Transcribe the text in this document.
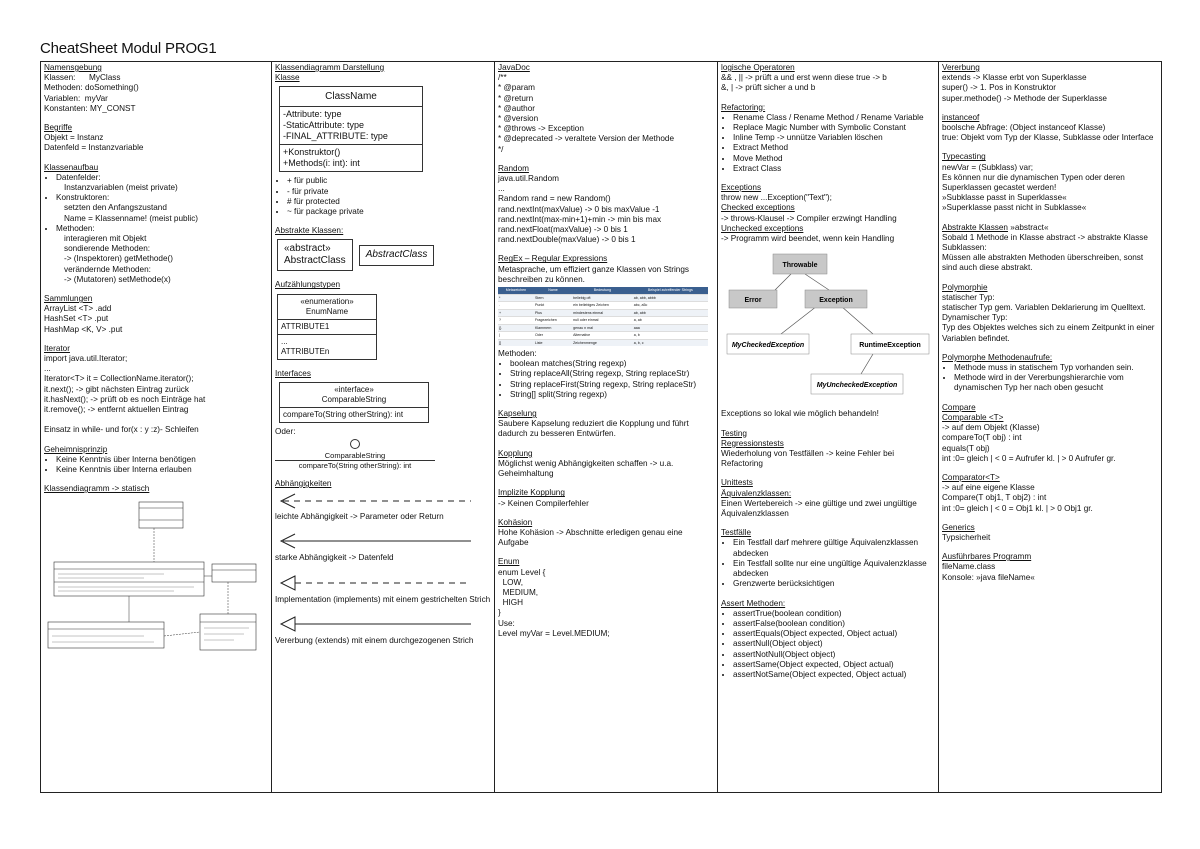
CheatSheet Modul PROG1
Namensgebung
Klassen:      MyClass
Methoden: doSomething()
Variablen:  myVar
Konstanten: MY_CONST
Begriffe
Objekt = Instanz
Datenfeld = Instanzvariable
Klassenaufbau
• Datenfelder:
Instanzvariablen (meist private)
• Konstruktoren:
setzten den Anfangszustand
Name = Klassenname! (meist public)
• Methoden:
interagieren mit Objekt
sondierende Methoden:
-> (Inspektoren) getMethode()
verändernde Methoden:
-> (Mutatoren) setMethode(x)
Sammlungen
ArrayList <T> .add
HashSet <T> .put
HashMap <K, V> .put
Iterator
import java.util.Iterator;
...
Iterator<T> it = CollectionName.iterator();
it.next(); -> gibt nächsten Eintrag zurück
it.hasNext(); -> prüft ob es noch Einträge hat
it.remove(); -> entfernt aktuellen Eintrag
Einsatz in while- und for(x : y :z)- Schleifen
Geheimnisprinzip
• Keine Kenntnis über Interna benötigen
• Keine Kenntnis über Interna erlauben
Klassendiagramm -> statisch
Klassendiagramm Darstellung
Klasse
ClassName
-Attribute: type
-StaticAttribute: type
-FINAL_ATTRIBUTE: type
+Konstruktor()
+Methods(i: int): int
• + für public
• - für private
• # für protected
• ~ für package private
Abstrakte Klassen:
«abstract»
AbstractClass
AbstractClass
Aufzählungstypen
«enumeration»
EnumName
ATTRIBUTE1
...
ATTRIBUTEn
Interfaces
«interface»
ComparableString
compareTo(String otherString): int
Oder:
ComparableString
compareTo(String otherString): int
Abhängigkeiten
leichte Abhängigkeit -> Parameter oder Return
starke Abhängigkeit -> Datenfeld
Implementation (implements) mit einem gestrichelten Strich
Vererbung (extends) mit einem durchgezogenen Strich
JavaDoc
/**
* @param
* @return
* @author
* @version
* @throws -> Exception
* @deprecated -> veraltete Version der Methode
*/
Random
java.util.Random
...
Random rand = new Random()
rand.nextInt(maxValue) -> 0 bis maxValue -1
rand.nextInt(max-min+1)+min -> min bis max
rand.nextFloat(maxValue) -> 0 bis 1
rand.nextDouble(maxValue) -> 0 bis 1
RegEx – Regular Expressions
Metasprache, um effiziert ganze Klassen von Strings beschreiben zu können.
Metazeichen	Name	Bedeutung	Beispiel zutreffender Strings
*	Stern	beliebig oft	ab, abb, abbb
.	Punkt	ein beliebiges Zeichen	abc, a5c
+	Plus	mindestens einmal	ab, abb
?	Fragezeichen	null oder einmal	a, ab
{}	Klammern	genau n mal	aaa
|	Oder	Alternative	a, b
[]	Liste	Zeichenmenge	a, b, c
Methoden:
• boolean matches(String regexp)
• String replaceAll(String regexp, String replaceStr)
• String replaceFirst(String regexp, String replaceStr)
• String[] split(String regexp)
Kapselung
Saubere Kapselung reduziert die Kopplung und führt dadurch zu besseren Entwürfen.
Kopplung
Möglichst wenig Abhängigkeiten schaffen -> u.a. Geheimhaltung
Implizite Kopplung
-> Keinen Compilerfehler
Kohäsion
Hohe Kohäsion -> Abschnitte erledigen genau eine Aufgabe
Enum
enum Level {
LOW,
MEDIUM,
HIGH
}
Use:
Level myVar = Level.MEDIUM;
logische Operatoren
&& , || -> prüft a und erst wenn diese true -> b
&, | -> prüft sicher a und b
Refactoring:
• Rename Class / Rename Method / Rename Variable
• Replace Magic Number with Symbolic Constant
• Inline Temp -> unnütze Variablen löschen
• Extract Method
• Move Method
• Extract Class
Exceptions
throw new ...Exception("Text");
Checked exceptions
-> throws-Klausel -> Compiler erzwingt Handling
Unchecked exceptions
-> Programm wird beendet, wenn kein Handling
Throwable
Error	Exception
MyCheckedException	RuntimeException
MyUncheckedException
Exceptions so lokal wie möglich behandeln!
Testing
Regressionstests
Wiederholung von Testfällen -> keine Fehler bei Refactoring
Unittests
Äquivalenzklassen:
Einen Wertebereich -> eine gültige und zwei ungültige Äquivalenzklassen
Testfälle
• Ein Testfall darf mehrere gültige Äquivalenzklassen abdecken
• Ein Testfall sollte nur eine ungültige Äquivalenzklasse abdecken
• Grenzwerte berücksichtigen
Assert Methoden:
• assertTrue(boolean condition)
• assertFalse(boolean condition)
• assertEquals(Object expected, Object actual)
• assertNull(Object object)
• assertNotNull(Object object)
• assertSame(Object expected, Object actual)
• assertNotSame(Object expected, Object actual)
Vererbung
extends -> Klasse erbt von Superklasse
super() -> 1. Pos in Konstruktor
super.methode() -> Methode der Superklasse
instanceof
boolsche Abfrage: (Object instanceof Klasse)
true: Objekt vom Typ der Klasse, Subklasse oder Interface
Typecasting
newVar = (Subklass) var;
Es können nur die dynamischen Typen oder deren Superklassen gecastet werden!
»Subklasse passt in Superklasse«
»Superklasse passt nicht in Subklasse«
Abstrakte Klassen »abstract«
Sobald 1 Methode in Klasse abstract -> abstrakte Klasse
Subklassen:
Müssen alle abstrakten Methoden überschreiben, sonst sind auch diese abstrakt.
Polymorphie
statischer Typ:
statischer Typ gem. Variablen Deklarierung im Quelltext.
Dynamischer Typ:
Typ des Objektes welches sich zu einem Zeitpunkt in einer Variablen befindet.
Polymorphe Methodenaufrufe:
• Methode muss in statischem Typ vorhanden sein.
• Methode wird in der Vererbungshierarchie vom dynamischen Typ her nach oben gesucht
Compare
Comparable <T>
-> auf dem Objekt (Klasse)
compareTo(T obj) : int
equals(T obj)
int :0= gleich | < 0 = Aufrufer kl. | > 0 Aufrufer gr.
Comparator<T>
-> auf eine eigene Klasse
Compare(T obj1, T obj2) : int
int :0= gleich | < 0 = Obj1 kl. | > 0 Obj1 gr.
Generics
Typsicherheit
Ausführbares Programm
fileName.class
Konsole: »java fileName«
